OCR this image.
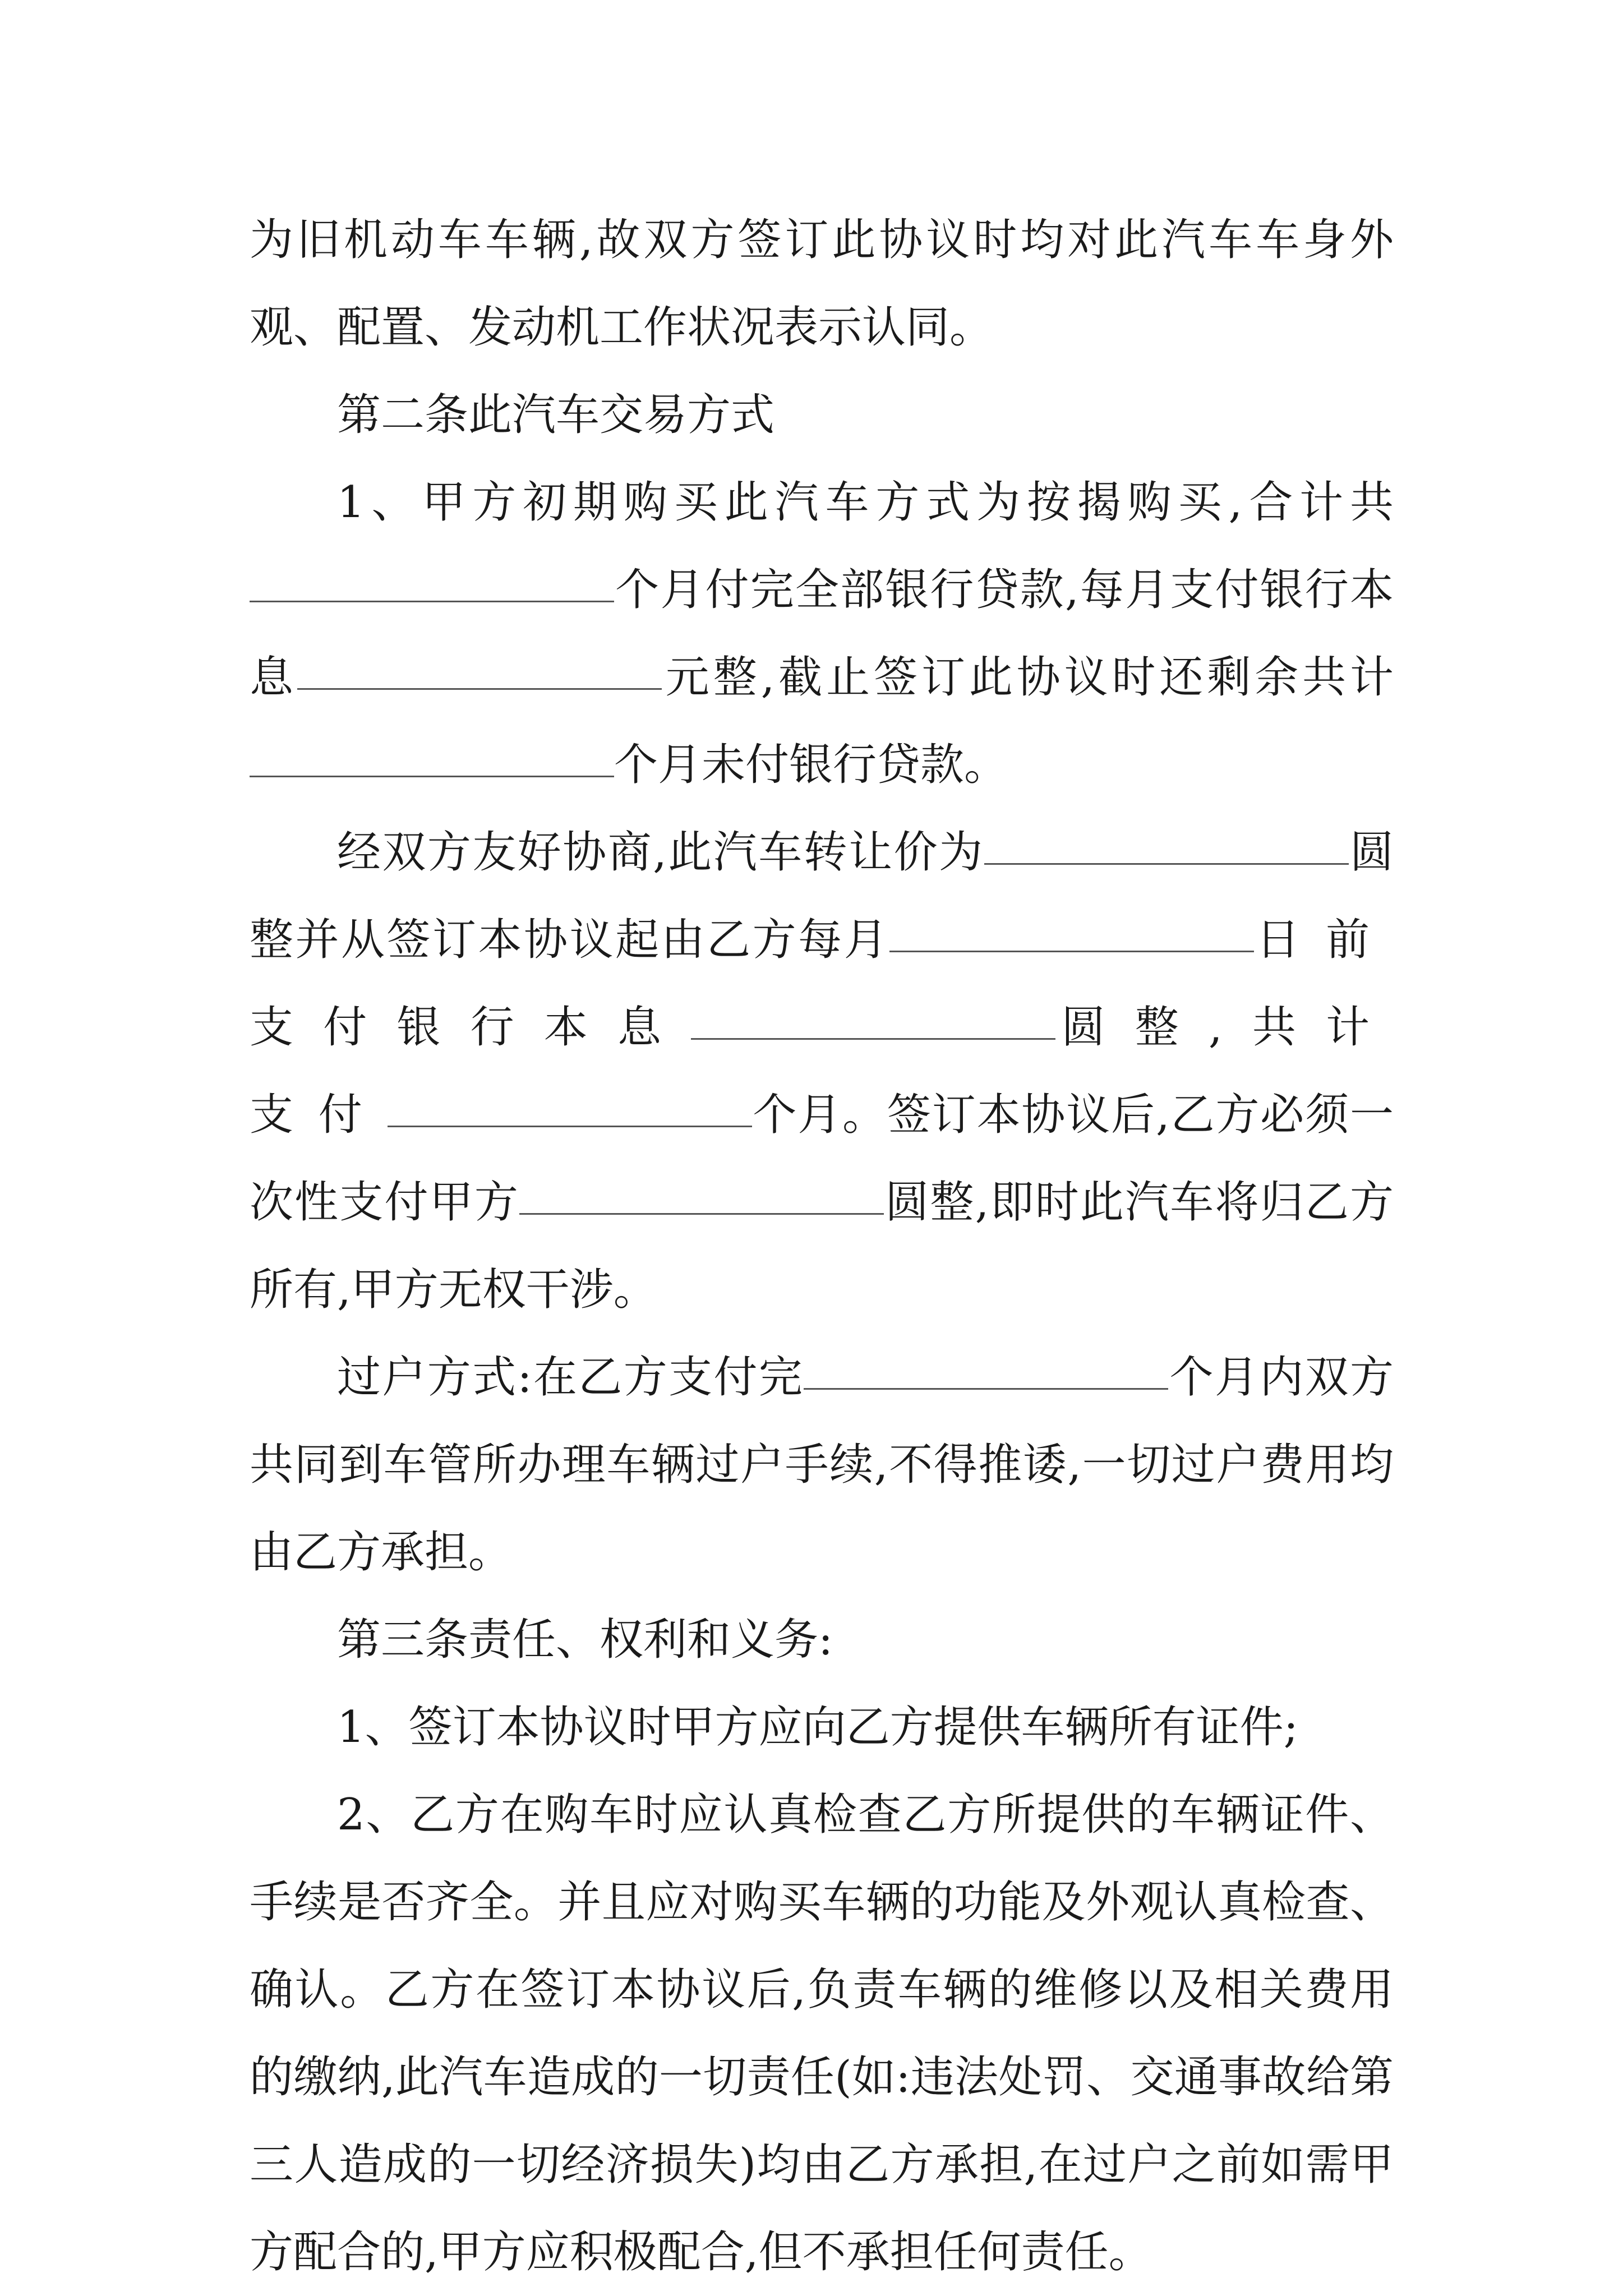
为旧机动车车辆,故双方签订此协议时均对此汽车车身外观、配置、发动机工作状况表示认同。

第二条此汽车交易方式

1、甲方初期购买此汽车方式为按揭购买,合计共个月付完全部银行贷款,每月支付银行本息	元整,截止签订此协议时还剩余共计个月未付银行贷款。

经双方友好协商,此汽车转让价为	圆整并从签订本协议起由乙方每月	日前支付银行本息	圆整,共计支付	个月。签订本协议后,乙方必须一次性支付甲方	圆整,即时此汽车将归乙方所有,甲方无权干涉。

过户方式:在乙方支付完	个月内双方共同到车管所办理车辆过户手续,不得推诿,一切过户费用均由乙方承担。

第三条责任、权利和义务:

1、签订本协议时甲方应向乙方提供车辆所有证件;

2、乙方在购车时应认真检查乙方所提供的车辆证件、手续是否齐全。并且应对购买车辆的功能及外观认真检查、确认。乙方在签订本协议后,负责车辆的维修以及相关费用的缴纳,此汽车造成的一切责任(如:违法处罚、交通事故给第三人造成的一切经济损失)均由乙方承担,在过户之前如需甲方配合的,甲方应积极配合,但不承担任何责任。
